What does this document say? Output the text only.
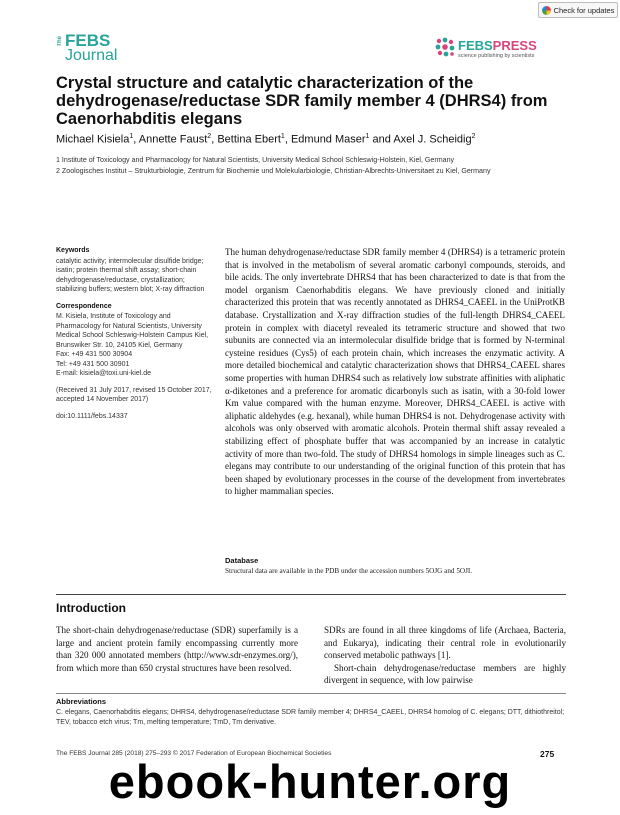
Check for updates
The FEBS
Journal
FEBSPRESS
science publishing by scientists
Crystal structure and catalytic characterization of the dehydrogenase/reductase SDR family member 4 (DHRS4) from Caenorhabditis elegans
Michael Kisiela$^1$, Annette Faust$^2$, Bettina Ebert$^1$, Edmund Maser$^1$ and Axel J. Scheidig$^2$
1 Institute of Toxicology and Pharmacology for Natural Scientists, University Medical School Schleswig-Holstein, Kiel, Germany
2 Zoologisches Institut – Strukturbiologie, Zentrum für Biochemie und Molekularbiologie, Christian-Albrechts-Universitaet zu Kiel, Germany
Keywords
catalytic activity; intermolecular disulfide bridge; isatin; protein thermal shift assay; short-chain dehydrogenase/reductase, crystallization; stabilizing buffers; western blot; X-ray diffraction
Correspondence
M. Kisiela, Institute of Toxicology and Pharmacology for Natural Scientists, University Medical School Schleswig-Holstein Campus Kiel, Brunswiker Str. 10, 24105 Kiel, Germany
Fax: +49 431 500 30904
Tel: +49 431 500 30901
E-mail: kisiela@toxi.uni-kiel.de
(Received 31 July 2017, revised 15 October 2017, accepted 14 November 2017)
doi:10.1111/febs.14337
The human dehydrogenase/reductase SDR family member 4 (DHRS4) is a tetrameric protein that is involved in the metabolism of several aromatic carbonyl compounds, steroids, and bile acids. The only invertebrate DHRS4 that has been characterized to date is that from the model organism Caenorhabditis elegans. We have previously cloned and initially characterized this protein that was recently annotated as DHRS4_CAEEL in the UniProtKB database. Crystallization and X-ray diffraction studies of the full-length DHRS4_CAEEL protein in complex with diacetyl revealed its tetrameric structure and showed that two subunits are connected via an intermolecular disulfide bridge that is formed by N-terminal cysteine residues (Cys5) of each protein chain, which increases the enzymatic activity. A more detailed biochemical and catalytic characterization shows that DHRS4_CAEEL shares some properties with human DHRS4 such as relatively low substrate affinities with aliphatic α-diketones and a preference for aromatic dicarbonyls such as isatin, with a 30-fold lower Km value compared with the human enzyme. Moreover, DHRS4_CAEEL is active with aliphatic aldehydes (e.g. hexanal), while human DHRS4 is not. Dehydrogenase activity with alcohols was only observed with aromatic alcohols. Protein thermal shift assay revealed a stabilizing effect of phosphate buffer that was accompanied by an increase in catalytic activity of more than two-fold. The study of DHRS4 homologs in simple lineages such as C. elegans may contribute to our understanding of the original function of this protein that has been shaped by evolutionary processes in the course of the development from invertebrates to higher mammalian species.
Database
Structural data are available in the PDB under the accession numbers 5OJG and 5OJI.
Introduction
The short-chain dehydrogenase/reductase (SDR) superfamily is a large and ancient protein family encompassing currently more than 320 000 annotated members (http://www.sdr-enzymes.org/), from which more than 650 crystal structures have been resolved.

SDRs are found in all three kingdoms of life (Archaea, Bacteria, and Eukarya), indicating their central role in evolutionarily conserved metabolic pathways [1].

Short-chain dehydrogenase/reductase members are highly divergent in sequence, with low pairwise

Abbreviations
C. elegans, Caenorhabditis elegans; DHRS4, dehydrogenase/reductase SDR family member 4; DHRS4_CAEEL, DHRS4 homolog of C. elegans; DTT, dithiothreitol; TEV, tobacco etch virus; Tm, melting temperature; TmD, Tm derivative.
The FEBS Journal 285 (2018) 275–293 © 2017 Federation of European Biochemical Societies	275
ebook-hunter.org
